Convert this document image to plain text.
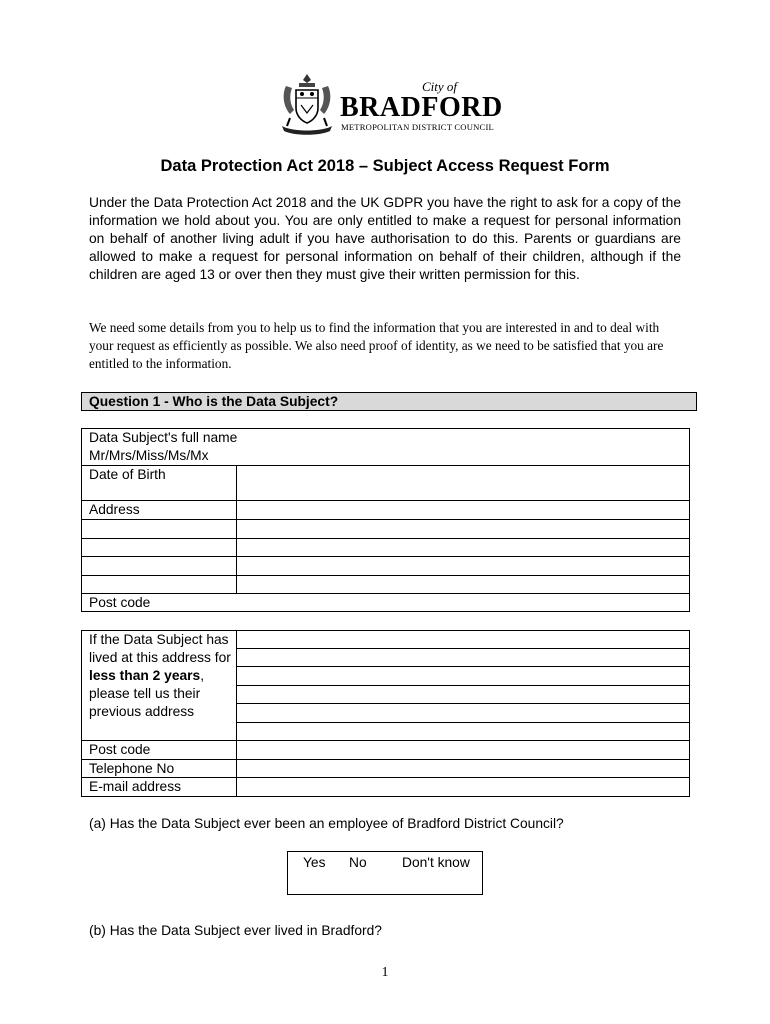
City of
BRADFORD
METROPOLITAN DISTRICT COUNCIL
Data Protection Act 2018 – Subject Access Request Form

Under the Data Protection Act 2018 and the UK GDPR you have the right to ask for a copy of the information we hold about you. You are only entitled to make a request for personal information on behalf of another living adult if you have authorisation to do this. Parents or guardians are allowed to make a request for personal information on behalf of their children, although if the children are aged 13 or over then they must give their written permission for this.

We need some details from you to help us to find the information that you are interested in and to deal with your request as efficiently as possible. We also need proof of identity, as we need to be satisfied that you are entitled to the information.

Question 1 - Who is the Data Subject?
Data Subject's full name
Mr/Mrs/Miss/Ms/Mx
Date of Birth
Address
Post code
If the Data Subject has lived at this address for less than 2 years, please tell us their previous address
Post code
Telephone No
E-mail address

(a) Has the Data Subject ever been an employee of Bradford District Council?

Yes No	Don't know

(b) Has the Data Subject ever lived in Bradford?

1
